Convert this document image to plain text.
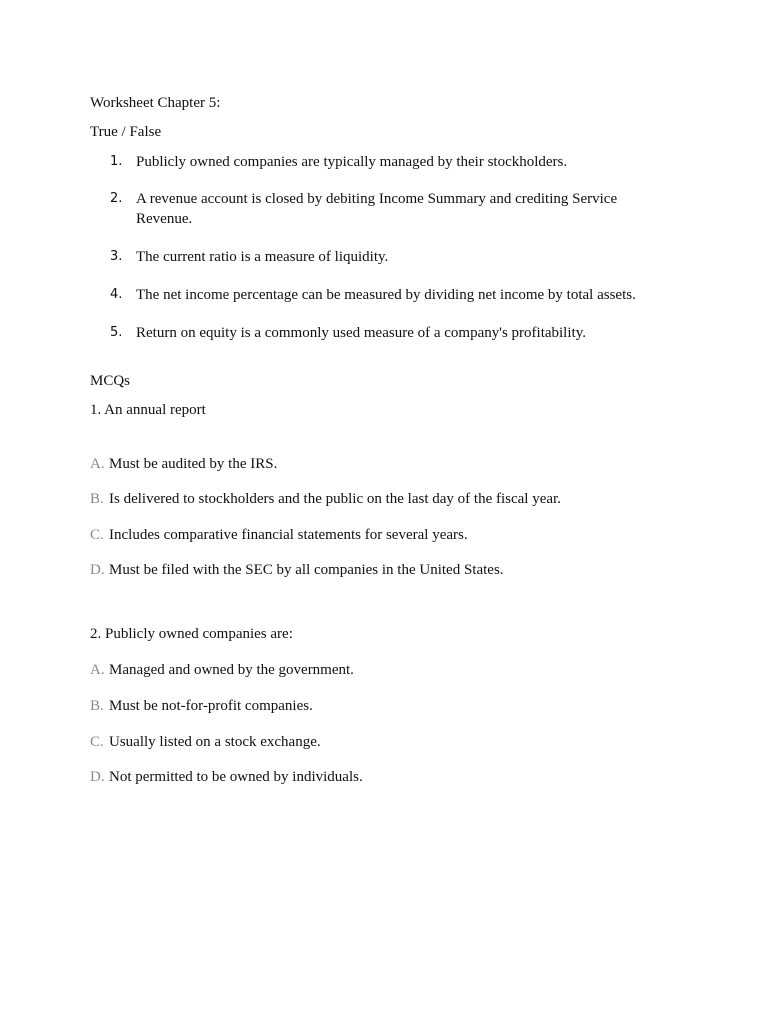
Worksheet Chapter 5:
True / False
1. Publicly owned companies are typically managed by their stockholders.
2. A revenue account is closed by debiting Income Summary and crediting Service Revenue.
3. The current ratio is a measure of liquidity.
4. The net income percentage can be measured by dividing net income by total assets.
5. Return on equity is a commonly used measure of a company's profitability.
MCQs
1. An annual report
A. Must be audited by the IRS.
B. Is delivered to stockholders and the public on the last day of the fiscal year.
C. Includes comparative financial statements for several years.
D. Must be filed with the SEC by all companies in the United States.
2. Publicly owned companies are:
A. Managed and owned by the government.
B. Must be not-for-profit companies.
C. Usually listed on a stock exchange.
D. Not permitted to be owned by individuals.
